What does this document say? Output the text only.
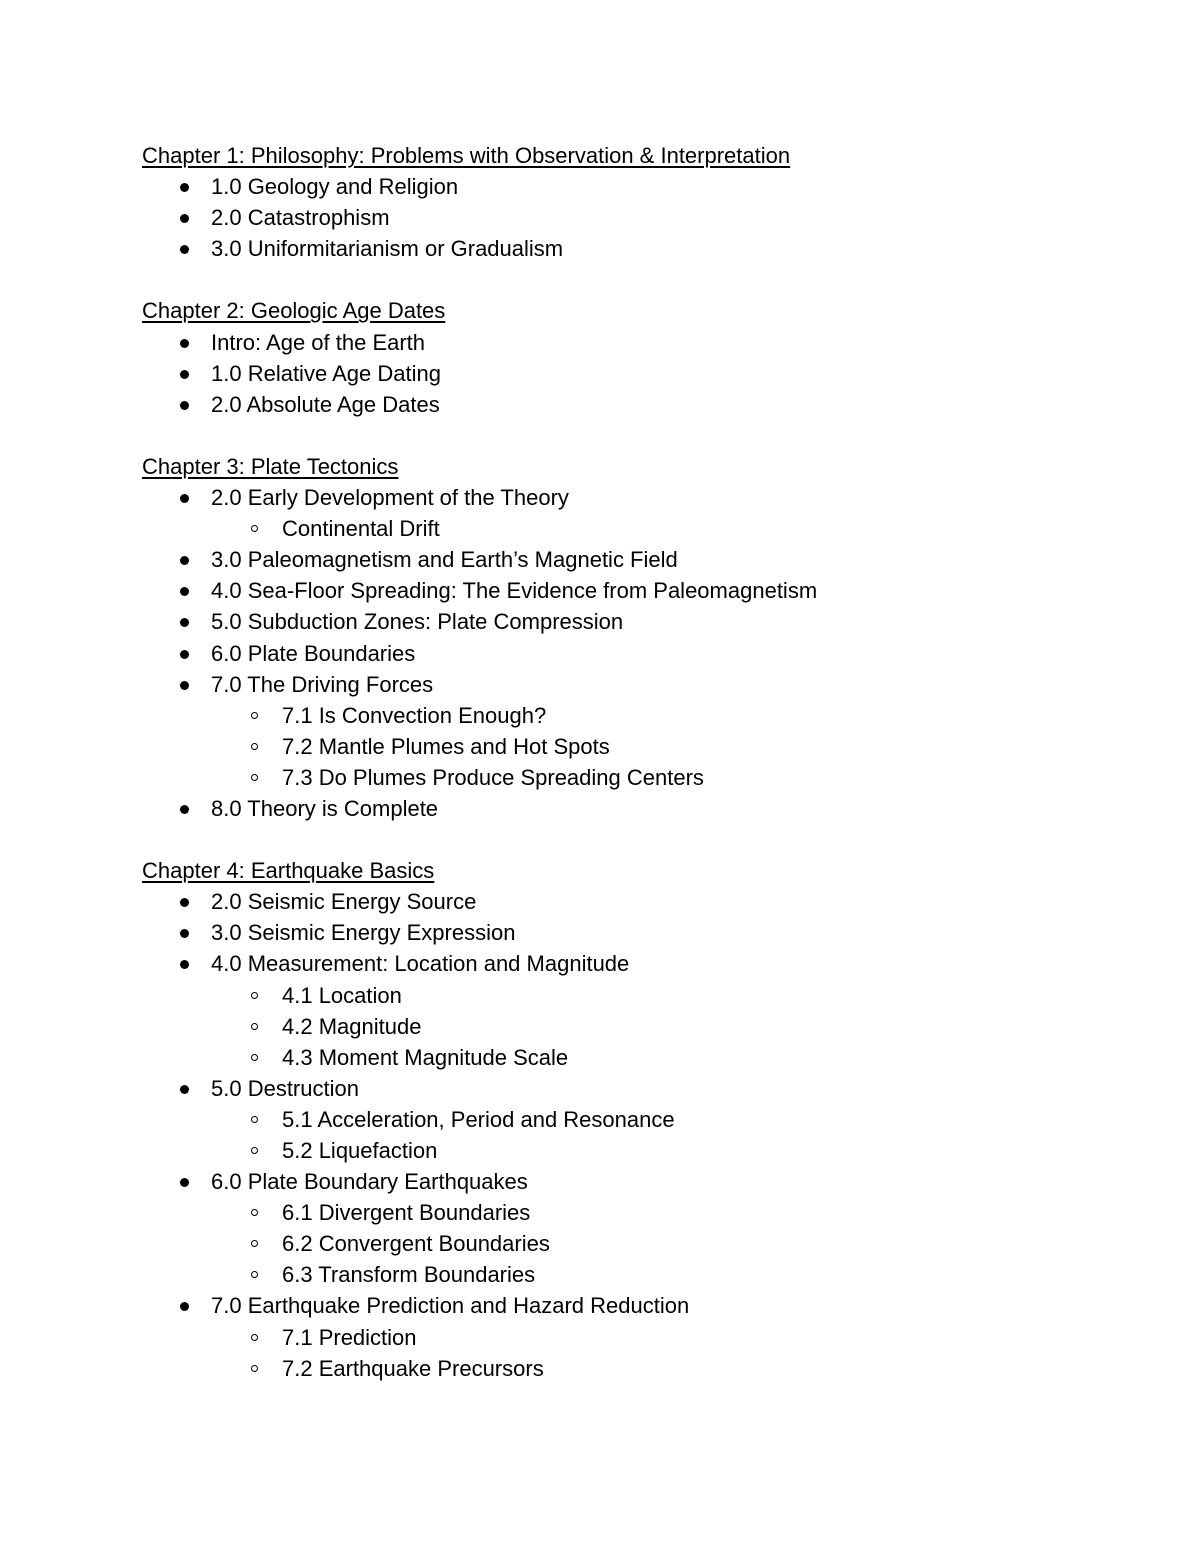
Chapter 1: Philosophy: Problems with Observation & Interpretation
1.0 Geology and Religion
2.0 Catastrophism
3.0 Uniformitarianism or Gradualism
Chapter 2: Geologic Age Dates
Intro: Age of the Earth
1.0 Relative Age Dating
2.0 Absolute Age Dates
Chapter 3: Plate Tectonics
2.0 Early Development of the Theory
Continental Drift
3.0 Paleomagnetism and Earth’s Magnetic Field
4.0 Sea-Floor Spreading: The Evidence from Paleomagnetism
5.0 Subduction Zones: Plate Compression
6.0 Plate Boundaries
7.0 The Driving Forces
7.1 Is Convection Enough?
7.2 Mantle Plumes and Hot Spots
7.3 Do Plumes Produce Spreading Centers
8.0 Theory is Complete
Chapter 4: Earthquake Basics
2.0 Seismic Energy Source
3.0 Seismic Energy Expression
4.0 Measurement: Location and Magnitude
4.1 Location
4.2 Magnitude
4.3 Moment Magnitude Scale
5.0 Destruction
5.1 Acceleration, Period and Resonance
5.2 Liquefaction
6.0 Plate Boundary Earthquakes
6.1 Divergent Boundaries
6.2 Convergent Boundaries
6.3 Transform Boundaries
7.0 Earthquake Prediction and Hazard Reduction
7.1 Prediction
7.2 Earthquake Precursors
